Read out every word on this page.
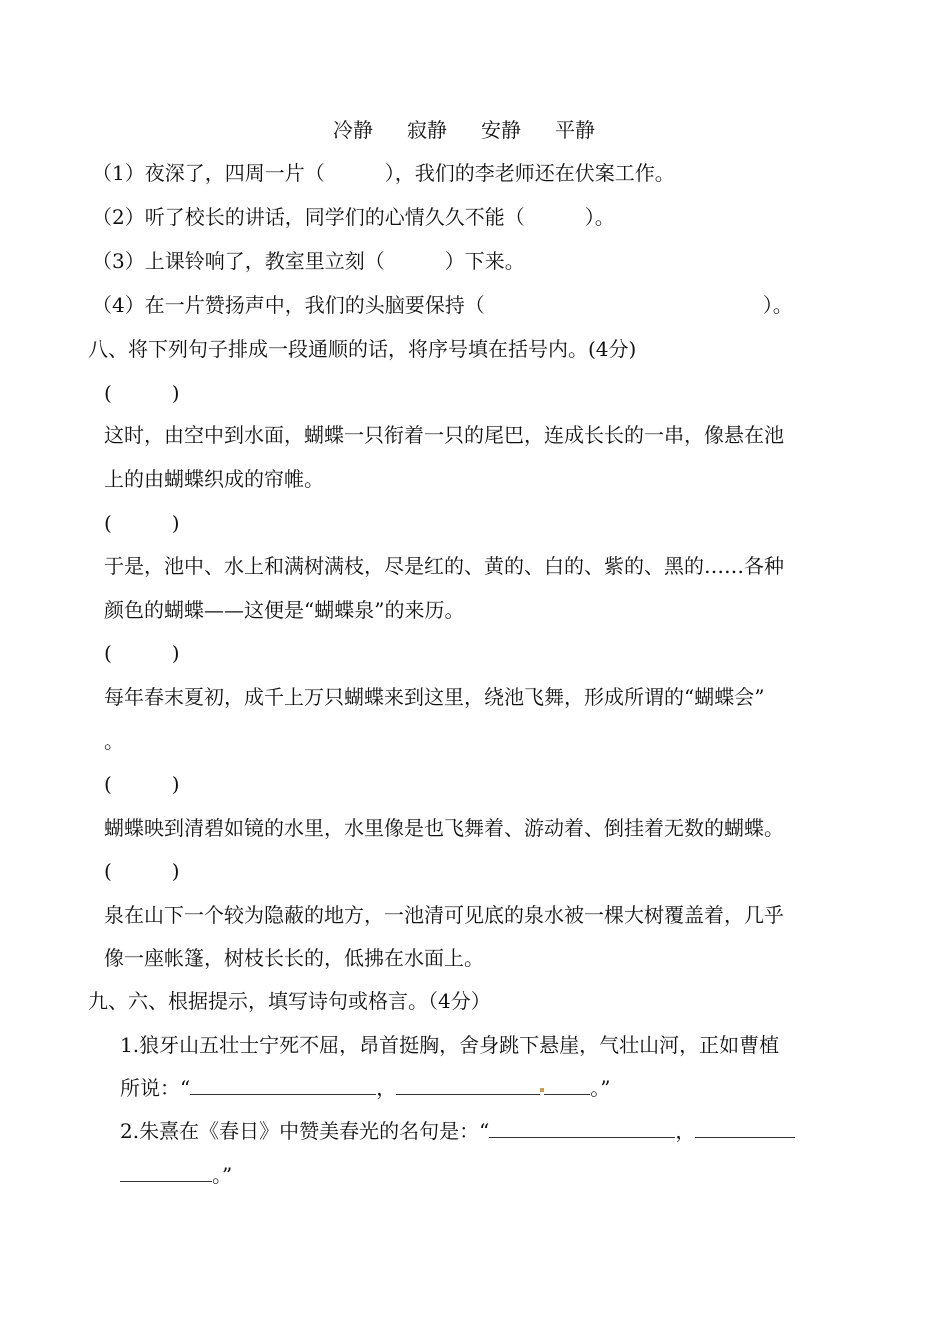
冷静 寂静 安静 平静
（1）夜深了，四周一片（	），我们的李老师还在伏案工作。
（2）听了校长的讲话，同学们的心情久久不能（	）。
（3）上课铃响了，教室里立刻（	）下来。
（4）在一片赞扬声中，我们的头脑要保持（	）。
八、将下列句子排成一段通顺的话，将序号填在括号内。(4分)
(　　　)
这时，由空中到水面，蝴蝶一只衔着一只的尾巴，连成长长的一串，像悬在池
上的由蝴蝶织成的帘帷。
(　　　)
于是，池中、水上和满树满枝，尽是红的、黄的、白的、紫的、黑的……各种
颜色的蝴蝶——这便是“蝴蝶泉”的来历。
(　　　)
每年春末夏初，成千上万只蝴蝶来到这里，绕池飞舞，形成所谓的“蝴蝶会”
。
(　　　)
蝴蝶映到清碧如镜的水里，水里像是也飞舞着、游动着、倒挂着无数的蝴蝶。
(　　　)
泉在山下一个较为隐蔽的地方，一池清可见底的泉水被一棵大树覆盖着，几乎
像一座帐篷，树枝长长的，低拂在水面上。
九、六、根据提示，填写诗句或格言。（4分）
1.狼牙山五壮士宁死不屈，昂首挺胸，舍身跳下悬崖，气壮山河，正如曹植
所说：“	，	。”
2.朱熹在《春日》中赞美春光的名句是：“	，
。”
